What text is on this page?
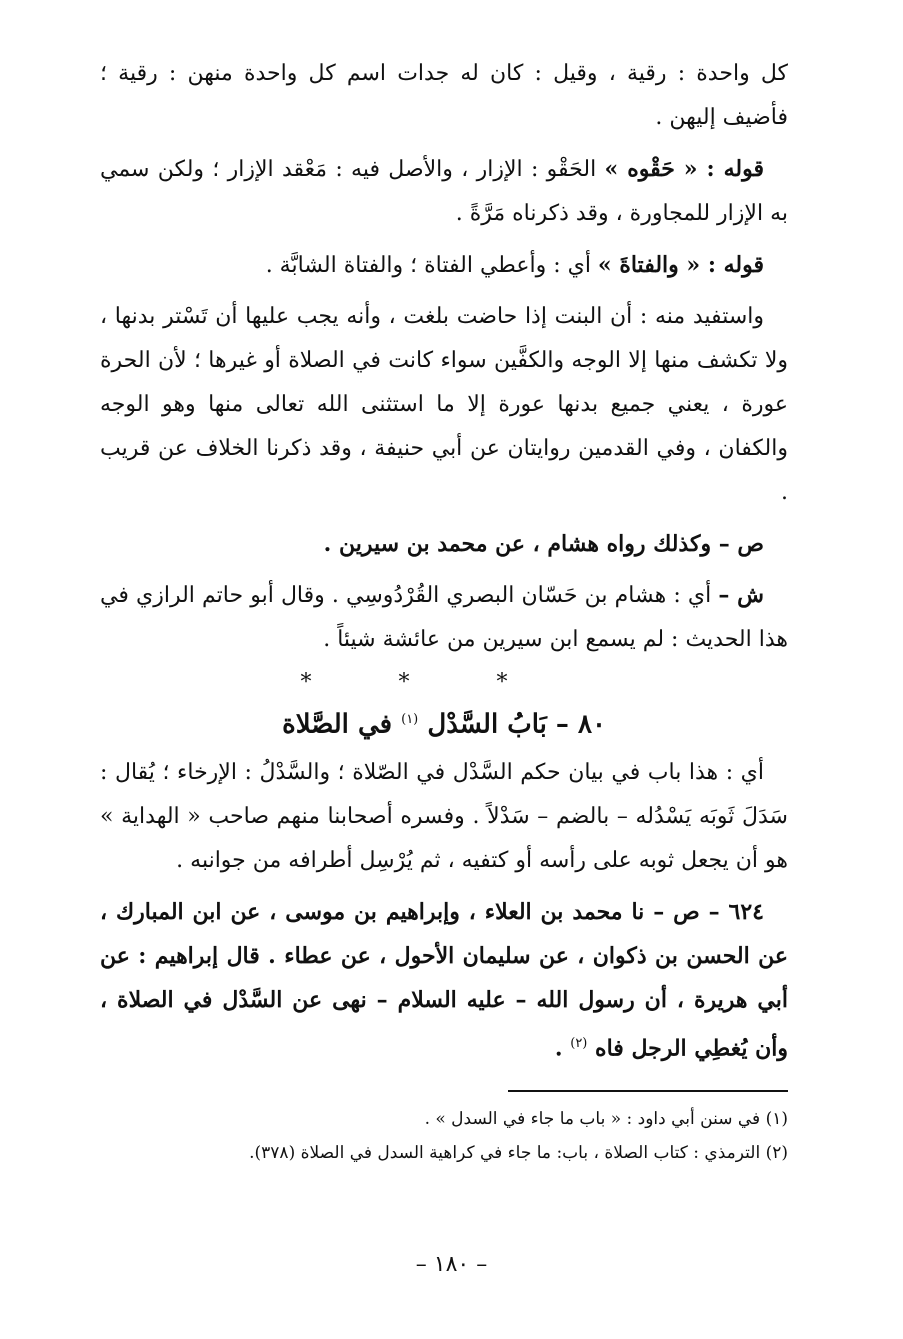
كل واحدة : رقية ، وقيل : كان له جدات اسم كل واحدة منهن : رقية ؛ فأضيف إليهن .

قوله : « حَقْوه » الحَقْو : الإزار ، والأصل فيه : مَعْقد الإزار ؛ ولكن سمي به الإزار للمجاورة ، وقد ذكرناه مَرَّةً .

قوله : « والفتاةَ » أي : وأعطي الفتاة ؛ والفتاة الشابَّة .

واستفيد منه : أن البنت إذا حاضت بلغت ، وأنه يجب عليها أن تَسْتر بدنها ، ولا تكشف منها إلا الوجه والكفَّين سواء كانت في الصلاة أو غيرها ؛ لأن الحرة عورة ، يعني جميع بدنها عورة إلا ما استثنى الله تعالى منها وهو الوجه والكفان ، وفي القدمين روايتان عن أبي حنيفة ، وقد ذكرنا الخلاف عن قريب .

ص – وكذلك رواه هشام ، عن محمد بن سيرين .

ش – أي : هشام بن حَسّان البصري القُرْدُوسِي . وقال أبو حاتم الرازي في هذا الحديث : لم يسمع ابن سيرين من عائشة شيئاً .

* * *
٨٠ – بَابُ السَّدْل $^{(١)}$ في الصَّلاة

أي : هذا باب في بيان حكم السَّدْل في الصّلاة ؛ والسَّدْلُ : الإرخاء ؛ يُقال : سَدَلَ ثَوبَه يَسْدُله – بالضم – سَدْلاً . وفسره أصحابنا منهم صاحب « الهداية » هو أن يجعل ثوبه على رأسه أو كتفيه ، ثم يُرْسِل أطرافه من جوانبه .

٦٢٤ – ص – نا محمد بن العلاء ، وإبراهيم بن موسى ، عن ابن المبارك ، عن الحسن بن ذكوان ، عن سليمان الأحول ، عن عطاء . قال إبراهيم : عن أبي هريرة ، أن رسول الله – عليه السلام – نهى عن السَّدْل في الصلاة ، وأن يُغطِي الرجل فاه $^{(٢)}$ .

(١) في سنن أبي داود : « باب ما جاء في السدل » .

(٢) الترمذي : كتاب الصلاة ، باب: ما جاء في كراهية السدل في الصلاة (٣٧٨).

– ١٨٠ –
